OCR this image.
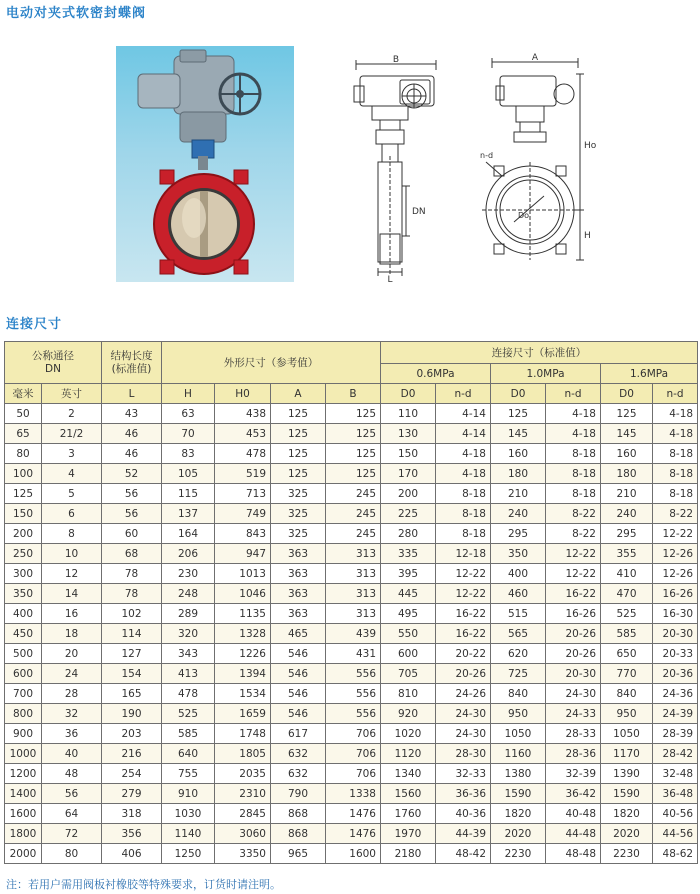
电动对夹式软密封蝶阀
B
DN
L
A
n-d
Ho
H
Do
连接尺寸
公称通径
DN		结构长度
(标准值)	外形尺寸（参考值）				连接尺寸（标准值）					
							0.6MPa		1.0MPa		1.6MPa	
毫米	英寸	L	H	H0	A	B	D0	n-d	D0	n-d	D0	n-d
50	2	43	63	438	125	125	110	4-14	125	4-18	125	4-18
65	21/2	46	70	453	125	125	130	4-14	145	4-18	145	4-18
80	3	46	83	478	125	125	150	4-18	160	8-18	160	8-18
100	4	52	105	519	125	125	170	4-18	180	8-18	180	8-18
125	5	56	115	713	325	245	200	8-18	210	8-18	210	8-18
150	6	56	137	749	325	245	225	8-18	240	8-22	240	8-22
200	8	60	164	843	325	245	280	8-18	295	8-22	295	12-22
250	10	68	206	947	363	313	335	12-18	350	12-22	355	12-26
300	12	78	230	1013	363	313	395	12-22	400	12-22	410	12-26
350	14	78	248	1046	363	313	445	12-22	460	16-22	470	16-26
400	16	102	289	1135	363	313	495	16-22	515	16-26	525	16-30
450	18	114	320	1328	465	439	550	16-22	565	20-26	585	20-30
500	20	127	343	1226	546	431	600	20-22	620	20-26	650	20-33
600	24	154	413	1394	546	556	705	20-26	725	20-30	770	20-36
700	28	165	478	1534	546	556	810	24-26	840	24-30	840	24-36
800	32	190	525	1659	546	556	920	24-30	950	24-33	950	24-39
900	36	203	585	1748	617	706	1020	24-30	1050	28-33	1050	28-39
1000	40	216	640	1805	632	706	1120	28-30	1160	28-36	1170	28-42
1200	48	254	755	2035	632	706	1340	32-33	1380	32-39	1390	32-48
1400	56	279	910	2310	790	1338	1560	36-36	1590	36-42	1590	36-48
1600	64	318	1030	2845	868	1476	1760	40-36	1820	40-48	1820	40-56
1800	72	356	1140	3060	868	1476	1970	44-39	2020	44-48	2020	44-56
2000	80	406	1250	3350	965	1600	2180	48-42	2230	48-48	2230	48-62
注：若用户需用阀板衬橡胶等特殊要求，订货时请注明。
